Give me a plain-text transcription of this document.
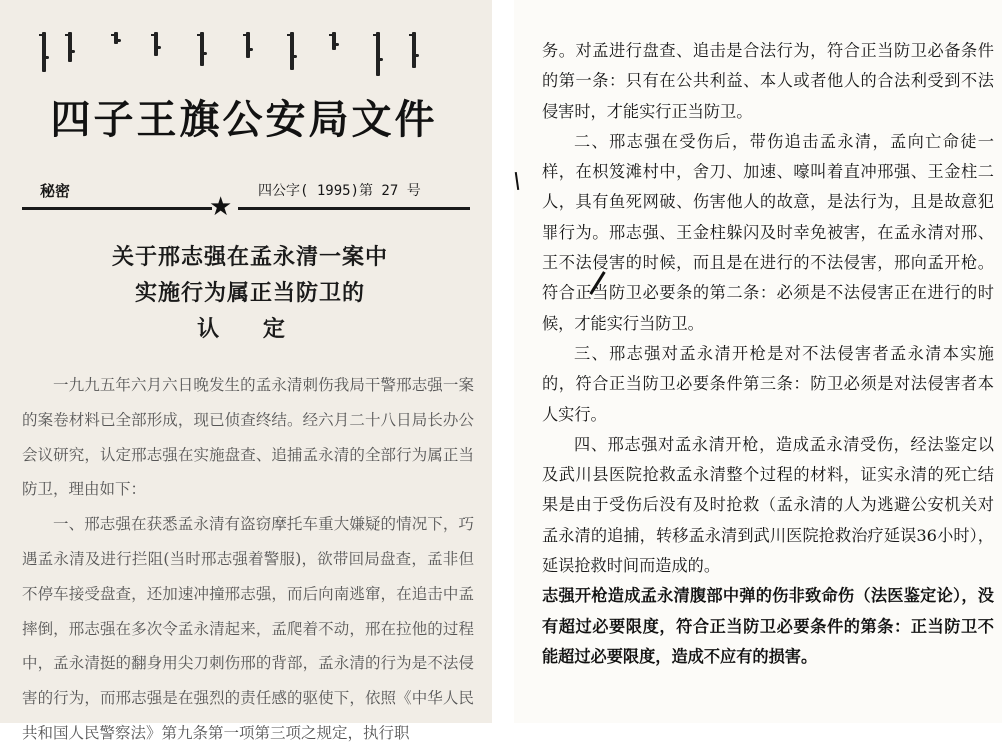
四子王旗公安局文件
秘密	四公字( 1995)第 27 号
★
关于邢志强在孟永清一案中
实施行为属正当防卫的
认 定

一九九五年六月六日晚发生的孟永清刺伤我局干警邢志强一案的案卷材料已全部形成，现已侦查终结。经六月二十八日局长办公会议研究，认定邢志强在实施盘查、追捕孟永清的全部行为属正当防卫，理由如下：

一、邢志强在获悉孟永清有盗窃摩托车重大嫌疑的情况下，巧遇孟永清及进行拦阻(当时邢志强着警服)，欲带回局盘查，孟非但不停车接受盘查，还加速冲撞邢志强，而后向南逃窜，在追击中孟摔倒，邢志强在多次令孟永清起来，孟爬着不动，邢在拉他的过程中，孟永清挺的翻身用尖刀刺伤邢的背部，孟永清的行为是不法侵害的行为，而邢志强是在强烈的责任感的驱使下，依照《中华人民共和国人民警察法》第九条第一项第三项之规定，执行职

务。对孟进行盘查、追击是合法行为，符合正当防卫必备条件的第一条：只有在公共利益、本人或者他人的合法利受到不法侵害时，才能实行正当防卫。

二、邢志强在受伤后，带伤追击孟永清，孟向亡命徒一样，在枳笈滩村中，舍刀、加速、嚎叫着直冲邢强、王金柱二人，具有鱼死网破、伤害他人的故意，是法行为，且是故意犯罪行为。邢志强、王金柱躲闪及时幸免被害，在孟永清对邢、王不法侵害的时候，而且是在进行的不法侵害，邢向孟开枪。符合正当防卫必要条的第二条：必须是不法侵害正在进行的时候，才能实行当防卫。

三、邢志强对孟永清开枪是对不法侵害者孟永清本实施的，符合正当防卫必要条件第三条：防卫必须是对法侵害者本人实行。

四、邢志强对孟永清开枪，造成孟永清受伤，经法鉴定以及武川县医院抢救孟永清整个过程的材料，证实永清的死亡结果是由于受伤后没有及时抢救（孟永清的人为逃避公安机关对孟永清的追捕，转移孟永清到武川医院抢救治疗延误36小时），延误抢救时间而造成的。

志强开枪造成孟永清腹部中弹的伤非致命伤（法医鉴定论），没有超过必要限度，符合正当防卫必要条件的第条：正当防卫不能超过必要限度，造成不应有的损害。
